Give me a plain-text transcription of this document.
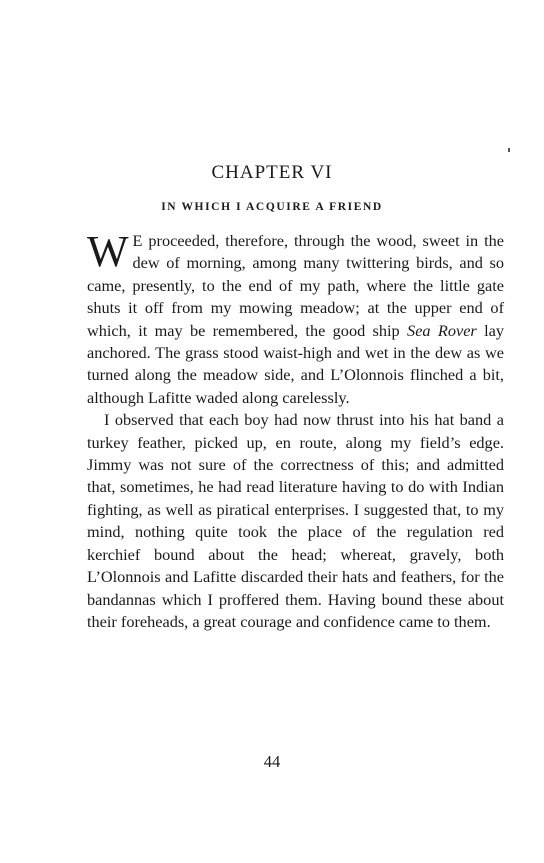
CHAPTER VI
IN WHICH I ACQUIRE A FRIEND

W E proceeded, therefore, through the wood, sweet in the dew of morning, among many twittering birds, and so came, presently, to the end of my path, where the little gate shuts it off from my mowing meadow; at the upper end of which, it may be remembered, the good ship Sea Rover lay anchored. The grass stood waist-high and wet in the dew as we turned along the meadow side, and L’Olonnois flinched a bit, although Lafitte waded along carelessly.

I observed that each boy had now thrust into his hat band a turkey feather, picked up, en route, along my field’s edge. Jimmy was not sure of the correctness of this; and admitted that, sometimes, he had read literature having to do with Indian fighting, as well as piratical enterprises. I suggested that, to my mind, nothing quite took the place of the regulation red kerchief bound about the head; whereat, gravely, both L’Olonnois and Lafitte discarded their hats and feathers, for the bandannas which I proffered them. Having bound these about their foreheads, a great courage and confidence came to them.

44
